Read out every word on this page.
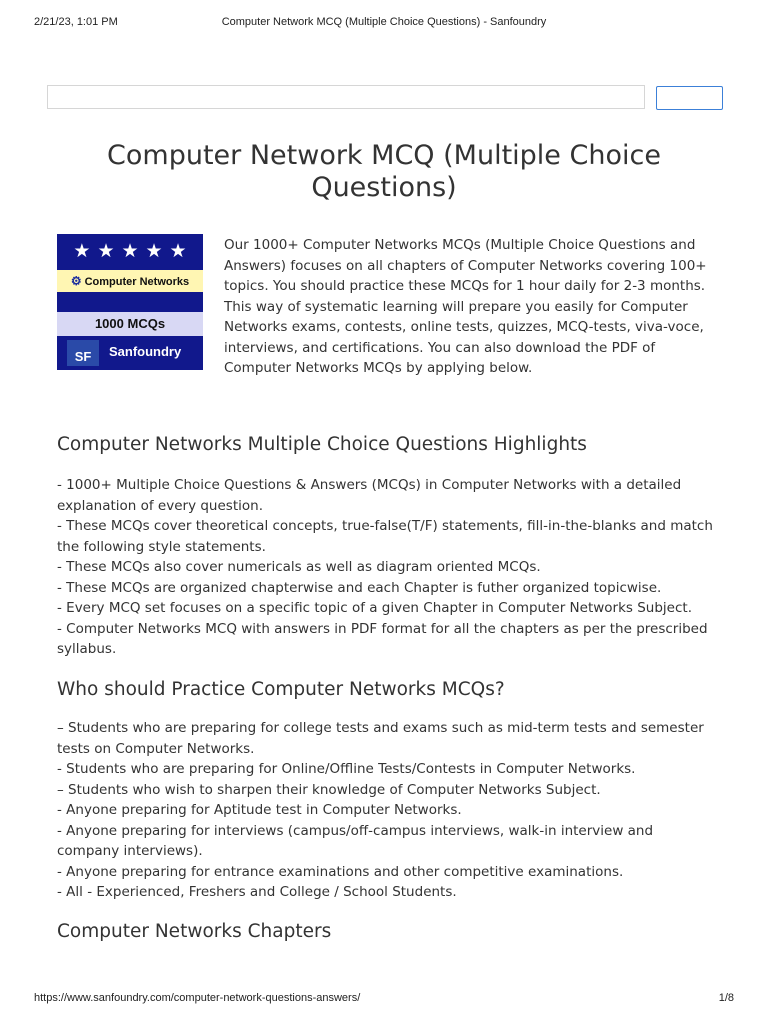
2/21/23, 1:01 PM	Computer Network MCQ (Multiple Choice Questions) - Sanfoundry
Computer Network MCQ (Multiple Choice Questions)
★★★★★
⚙ Computer Networks
1000 MCQs
SF	Sanfoundry

Our 1000+ Computer Networks MCQs (Multiple Choice Questions and Answers) focuses on all chapters of Computer Networks covering 100+ topics. You should practice these MCQs for 1 hour daily for 2-3 months. This way of systematic learning will prepare you easily for Computer Networks exams, contests, online tests, quizzes, MCQ-tests, viva-voce, interviews, and certifications. You can also download the PDF of Computer Networks MCQs by applying below.

Computer Networks Multiple Choice Questions Highlights
- 1000+ Multiple Choice Questions & Answers (MCQs) in Computer Networks with a detailed explanation of every question.
- These MCQs cover theoretical concepts, true-false(T/F) statements, fill-in-the-blanks and match the following style statements.
- These MCQs also cover numericals as well as diagram oriented MCQs.
- These MCQs are organized chapterwise and each Chapter is futher organized topicwise.
- Every MCQ set focuses on a specific topic of a given Chapter in Computer Networks Subject.
- Computer Networks MCQ with answers in PDF format for all the chapters as per the prescribed syllabus.
Who should Practice Computer Networks MCQs?
– Students who are preparing for college tests and exams such as mid-term tests and semester tests on Computer Networks.
- Students who are preparing for Online/Offline Tests/Contests in Computer Networks.
– Students who wish to sharpen their knowledge of Computer Networks Subject.
- Anyone preparing for Aptitude test in Computer Networks.
- Anyone preparing for interviews (campus/off-campus interviews, walk-in interview and company interviews).
- Anyone preparing for entrance examinations and other competitive examinations.
- All - Experienced, Freshers and College / School Students.
Computer Networks Chapters
https://www.sanfoundry.com/computer-network-questions-answers/	1/8
